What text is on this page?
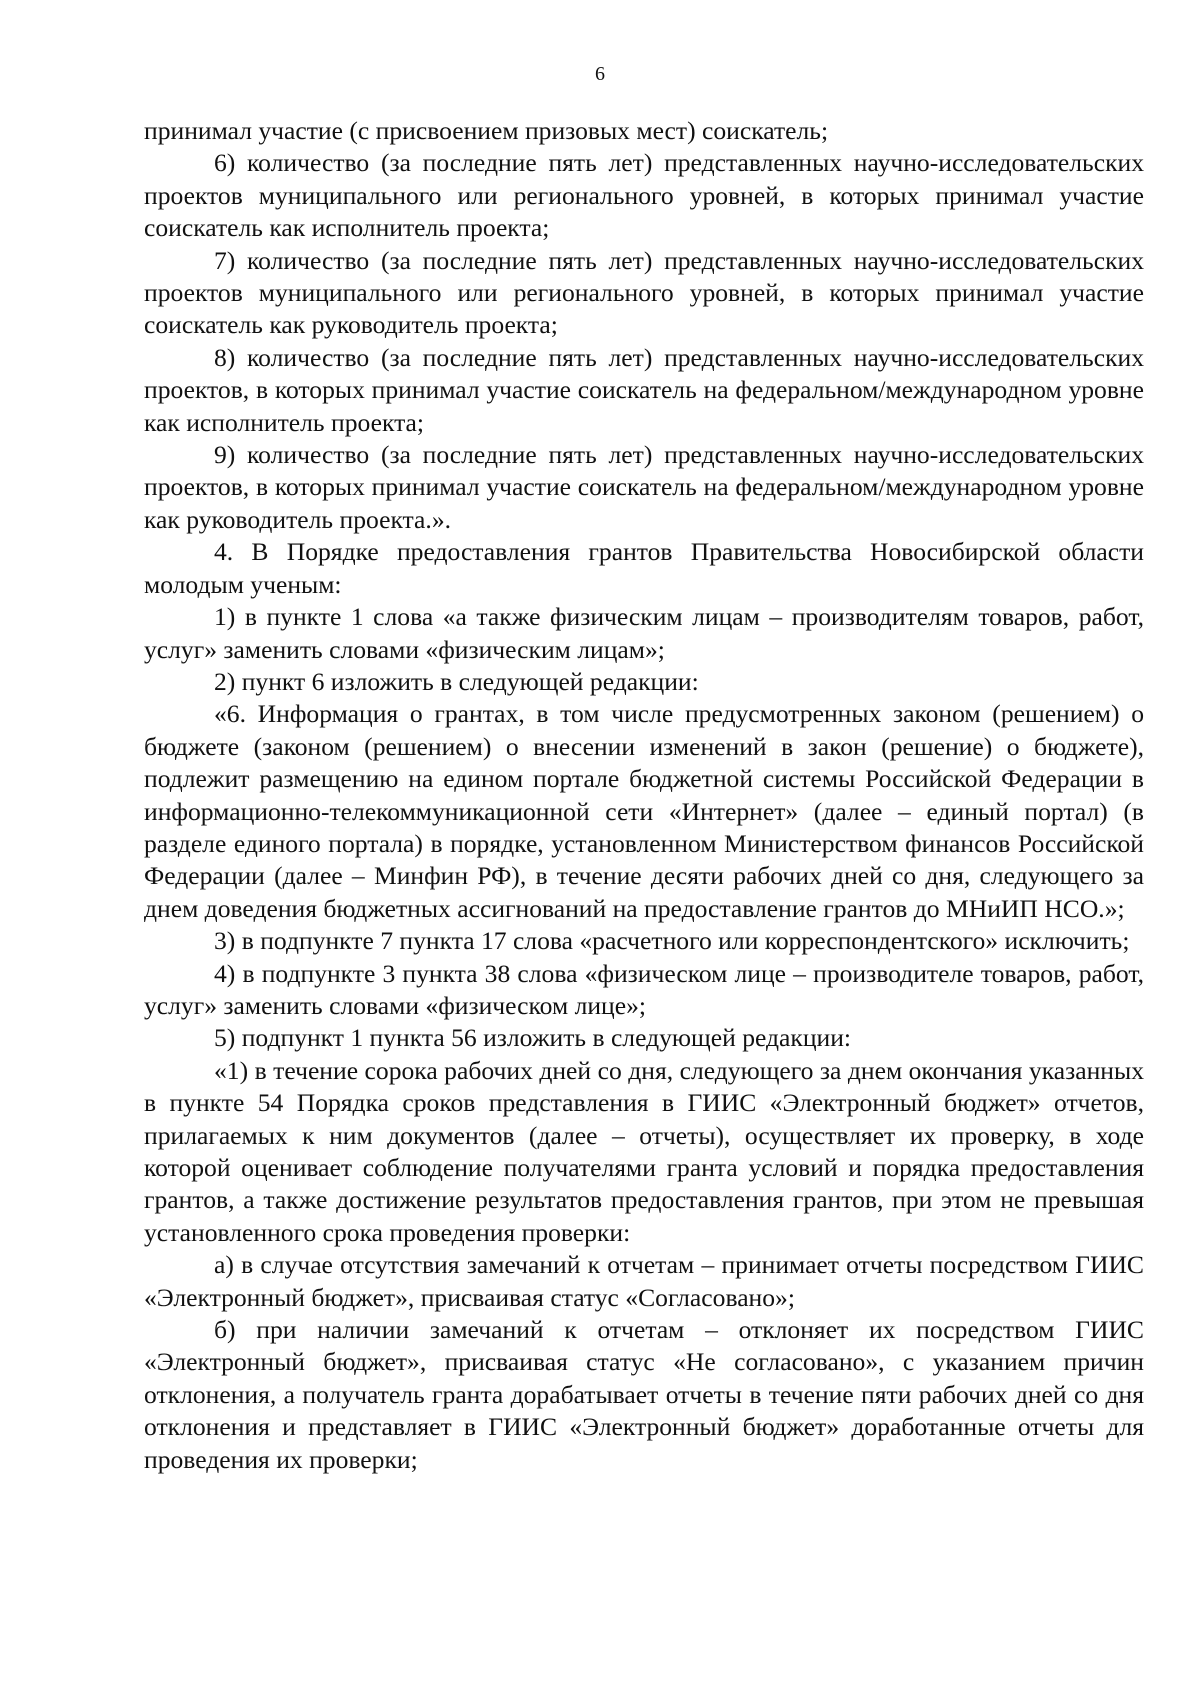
6

принимал участие (с присвоением призовых мест) соискатель;

6) количество (за последние пять лет) представленных научно-исследовательских проектов муниципального или регионального уровней, в которых принимал участие соискатель как исполнитель проекта;

7) количество (за последние пять лет) представленных научно-исследовательских проектов муниципального или регионального уровней, в которых принимал участие соискатель как руководитель проекта;

8) количество (за последние пять лет) представленных научно-исследовательских проектов, в которых принимал участие соискатель на федеральном/международном уровне как исполнитель проекта;

9) количество (за последние пять лет) представленных научно-исследовательских проектов, в которых принимал участие соискатель на федеральном/международном уровне как руководитель проекта.».

4. В Порядке предоставления грантов Правительства Новосибирской области молодым ученым:

1) в пункте 1 слова «а также физическим лицам – производителям товаров, работ, услуг» заменить словами «физическим лицам»;

2) пункт 6 изложить в следующей редакции:

«6. Информация о грантах, в том числе предусмотренных законом (решением) о бюджете (законом (решением) о внесении изменений в закон (решение) о бюджете), подлежит размещению на едином портале бюджетной системы Российской Федерации в информационно-телекоммуникационной сети «Интернет» (далее – единый портал) (в разделе единого портала) в порядке, установленном Министерством финансов Российской Федерации (далее – Минфин РФ), в течение десяти рабочих дней со дня, следующего за днем доведения бюджетных ассигнований на предоставление грантов до МНиИП НСО.»;

3) в подпункте 7 пункта 17 слова «расчетного или корреспондентского» исключить;

4) в подпункте 3 пункта 38 слова «физическом лице – производителе товаров, работ, услуг» заменить словами «физическом лице»;

5) подпункт 1 пункта 56 изложить в следующей редакции:

«1) в течение сорока рабочих дней со дня, следующего за днем окончания указанных в пункте 54 Порядка сроков представления в ГИИС «Электронный бюджет» отчетов, прилагаемых к ним документов (далее – отчеты), осуществляет их проверку, в ходе которой оценивает соблюдение получателями гранта условий и порядка предоставления грантов, а также достижение результатов предоставления грантов, при этом не превышая установленного срока проведения проверки:

а) в случае отсутствия замечаний к отчетам – принимает отчеты посредством ГИИС «Электронный бюджет», присваивая статус «Согласовано»;

б) при наличии замечаний к отчетам – отклоняет их посредством ГИИС «Электронный бюджет», присваивая статус «Не согласовано», с указанием причин отклонения, а получатель гранта дорабатывает отчеты в течение пяти рабочих дней со дня отклонения и представляет в ГИИС «Электронный бюджет» доработанные отчеты для проведения их проверки;
